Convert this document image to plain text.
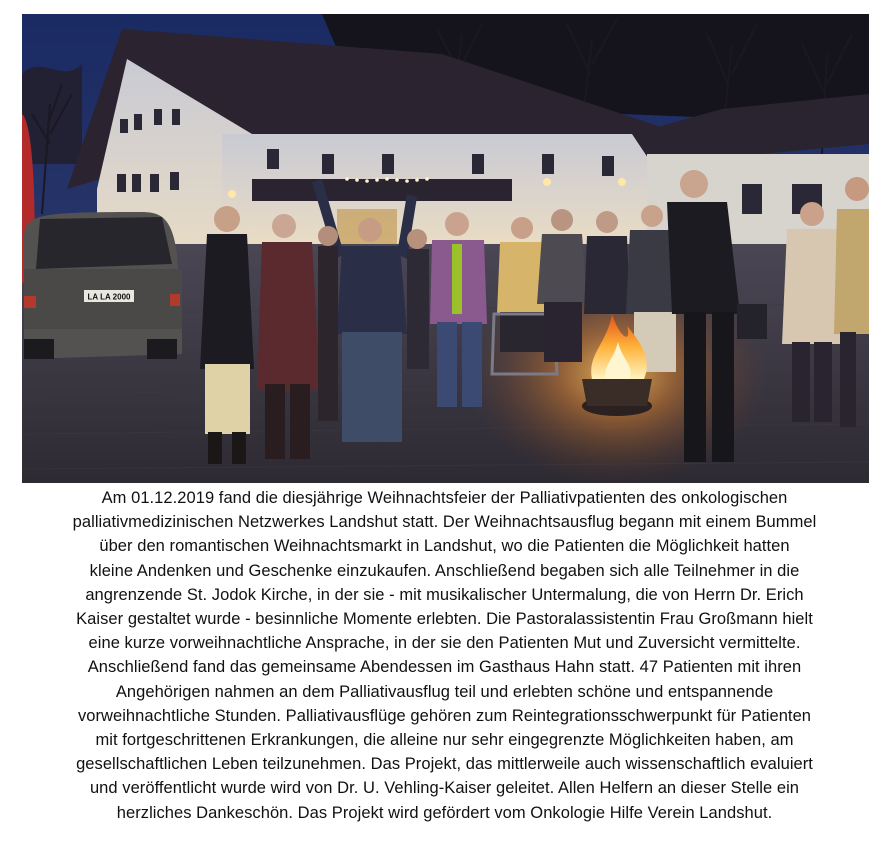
LA LA 2000
Am 01.12.2019 fand die diesjährige Weihnachtsfeier der Palliativpatienten des onkologischen
palliativmedizinischen Netzwerkes Landshut statt. Der Weihnachtsausflug begann mit einem Bummel
über den romantischen Weihnachtsmarkt in Landshut, wo die Patienten die Möglichkeit hatten
kleine Andenken und Geschenke einzukaufen. Anschließend begaben sich alle Teilnehmer in die
angrenzende St. Jodok Kirche, in der sie - mit musikalischer Untermalung, die von Herrn Dr. Erich
Kaiser gestaltet wurde - besinnliche Momente erlebten. Die Pastoralassistentin Frau Großmann hielt
eine kurze vorweihnachtliche Ansprache, in der sie den Patienten Mut und Zuversicht vermittelte.
Anschließend fand das gemeinsame Abendessen im Gasthaus Hahn statt. 47 Patienten mit ihren
Angehörigen nahmen an dem Palliativausflug teil und erlebten schöne und entspannende
vorweihnachtliche Stunden. Palliativausflüge gehören zum Reintegrationsschwerpunkt für Patienten
mit fortgeschrittenen Erkrankungen, die alleine nur sehr eingegrenzte Möglichkeiten haben, am
gesellschaftlichen Leben teilzunehmen. Das Projekt, das mittlerweile auch wissenschaftlich evaluiert
und veröffentlicht wurde wird von Dr. U. Vehling-Kaiser geleitet. Allen Helfern an dieser Stelle ein
herzliches Dankeschön. Das Projekt wird gefördert vom Onkologie Hilfe Verein Landshut.
